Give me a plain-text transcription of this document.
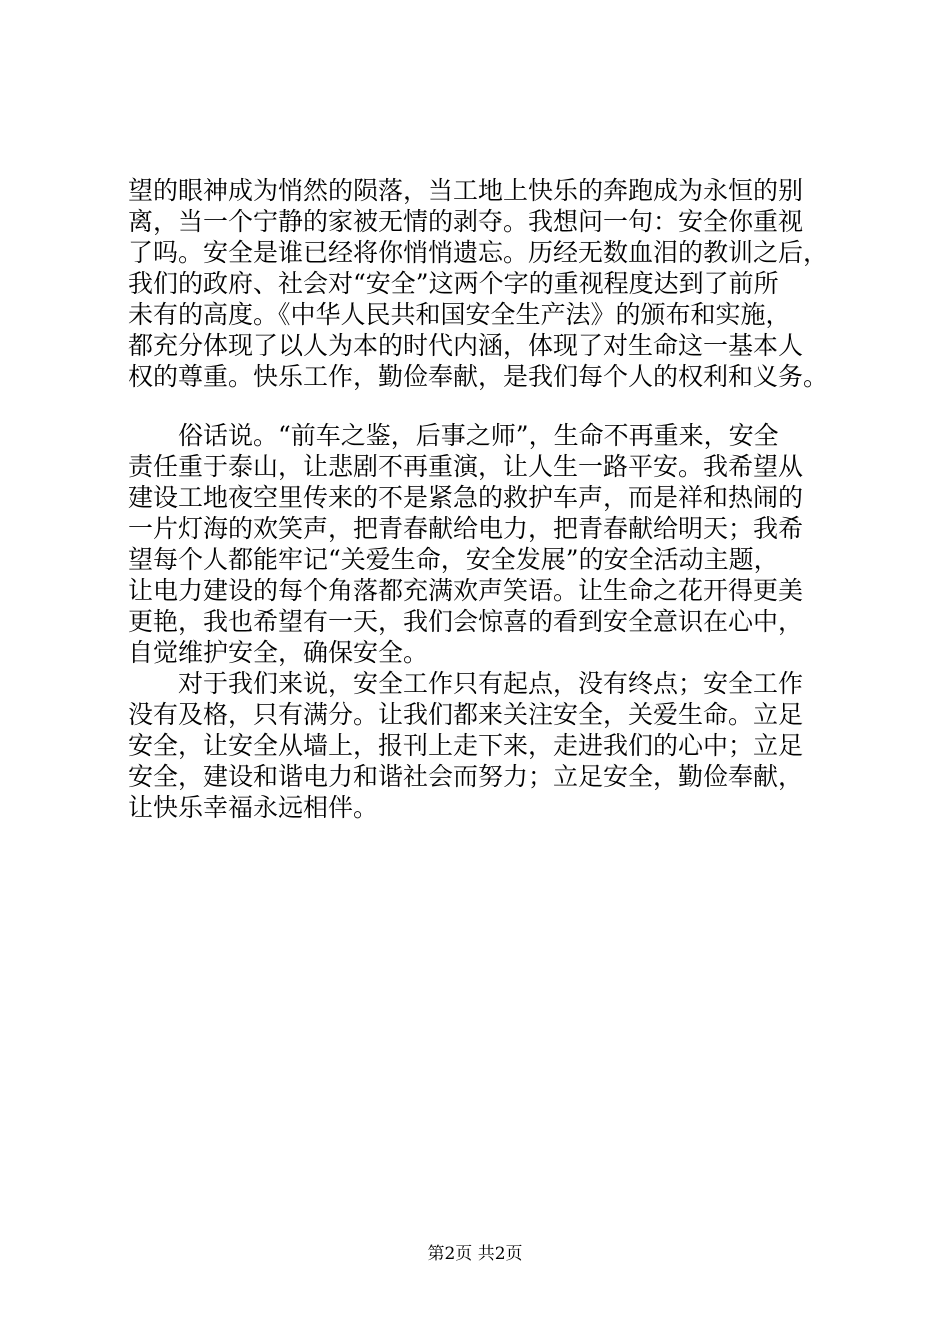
望的眼神成为悄然的陨落，当工地上快乐的奔跑成为永恒的别
离，当一个宁静的家被无情的剥夺。我想问一句：安全你重视
了吗。安全是谁已经将你悄悄遗忘。历经无数血泪的教训之后，
我们的政府、社会对“安全”这两个字的重视程度达到了前所
未有的高度。《中华人民共和国安全生产法》的颁布和实施，
都充分体现了以人为本的时代内涵，体现了对生命这一基本人
权的尊重。快乐工作，勤俭奉献，是我们每个人的权利和义务。
　　俗话说。“前车之鉴，后事之师”，生命不再重来，安全
责任重于泰山，让悲剧不再重演，让人生一路平安。我希望从
建设工地夜空里传来的不是紧急的救护车声，而是祥和热闹的
一片灯海的欢笑声，把青春献给电力，把青春献给明天；我希
望每个人都能牢记“关爱生命，安全发展”的安全活动主题，
让电力建设的每个角落都充满欢声笑语。让生命之花开得更美
更艳，我也希望有一天，我们会惊喜的看到安全意识在心中，
自觉维护安全，确保安全。
　　对于我们来说，安全工作只有起点，没有终点；安全工作
没有及格，只有满分。让我们都来关注安全，关爱生命。立足
安全，让安全从墙上，报刊上走下来，走进我们的心中；立足
安全，建设和谐电力和谐社会而努力；立足安全，勤俭奉献，
让快乐幸福永远相伴。
第2页 共2页
